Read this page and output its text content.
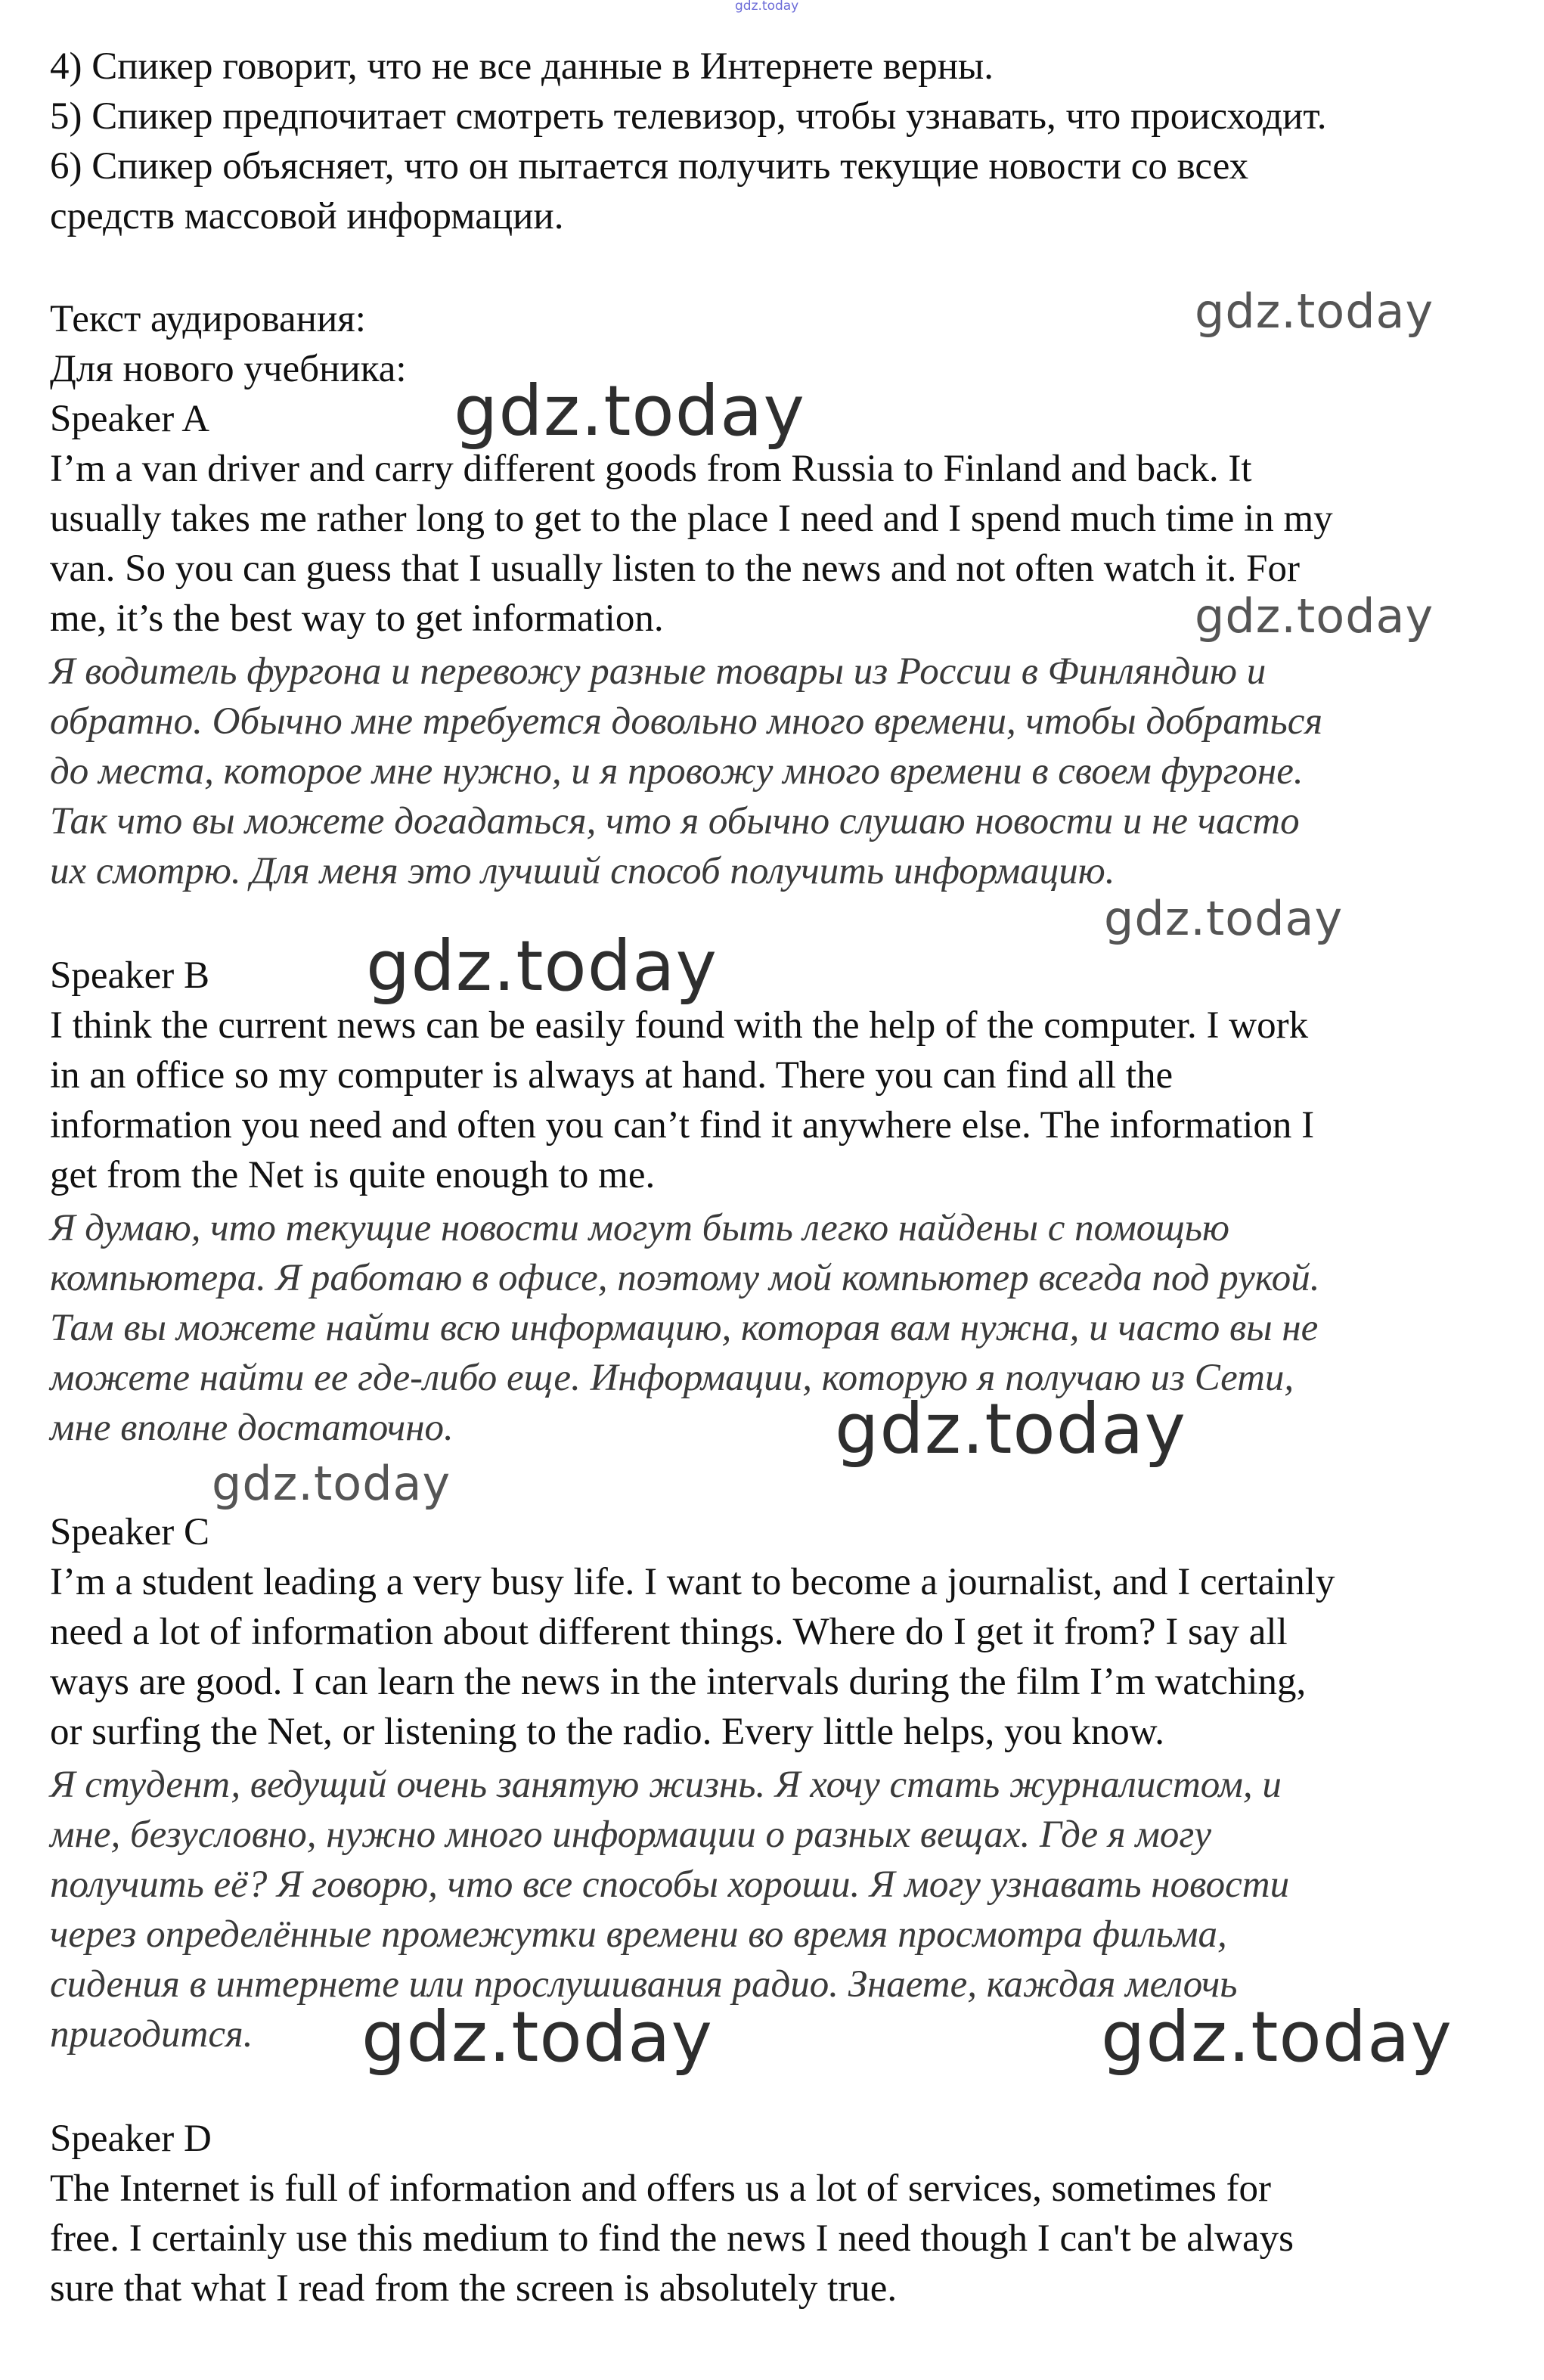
gdz.today
4) Спикер говорит, что не все данные в Интернете верны.
5) Спикер предпочитает смотреть телевизор, чтобы узнавать, что происходит.
6) Спикер объясняет, что он пытается получить текущие новости со всех
средств массовой информации.
Текст аудирования:
Для нового учебника:
Speaker A
I’m a van driver and carry different goods from Russia to Finland and back. It
usually takes me rather long to get to the place I need and I spend much time in my
van. So you can guess that I usually listen to the news and not often watch it. For
me, it’s the best way to get information.
Я водитель фургона и перевожу разные товары из России в Финляндию и
обратно. Обычно мне требуется довольно много времени, чтобы добраться
до места, которое мне нужно, и я провожу много времени в своем фургоне.
Так что вы можете догадаться, что я обычно слушаю новости и не часто
их смотрю. Для меня это лучший способ получить информацию.
Speaker B
I think the current news can be easily found with the help of the computer. I work
in an office so my computer is always at hand. There you can find all the
information you need and often you can’t find it anywhere else. The information I
get from the Net is quite enough to me.
Я думаю, что текущие новости могут быть легко найдены с помощью
компьютера. Я работаю в офисе, поэтому мой компьютер всегда под рукой.
Там вы можете найти всю информацию, которая вам нужна, и часто вы не
можете найти ее где-либо еще. Информации, которую я получаю из Сети,
мне вполне достаточно.
Speaker C
I’m a student leading a very busy life. I want to become a journalist, and I certainly
need a lot of information about different things. Where do I get it from? I say all
ways are good. I can learn the news in the intervals during the film I’m watching,
or surfing the Net, or listening to the radio. Every little helps, you know.
Я студент, ведущий очень занятую жизнь. Я хочу стать журналистом, и
мне, безусловно, нужно много информации о разных вещах. Где я могу
получить её? Я говорю, что все способы хороши. Я могу узнавать новости
через определённые промежутки времени во время просмотра фильма,
сидения в интернете или прослушивания радио. Знаете, каждая мелочь
пригодится.
Speaker D
The Internet is full of information and offers us a lot of services, sometimes for
free. I certainly use this medium to find the news I need though I can't be always
sure that what I read from the screen is absolutely true.
gdz.today
gdz.today
gdz.today
gdz.today
gdz.today
gdz.today
gdz.today
gdz.today	gdz.today
